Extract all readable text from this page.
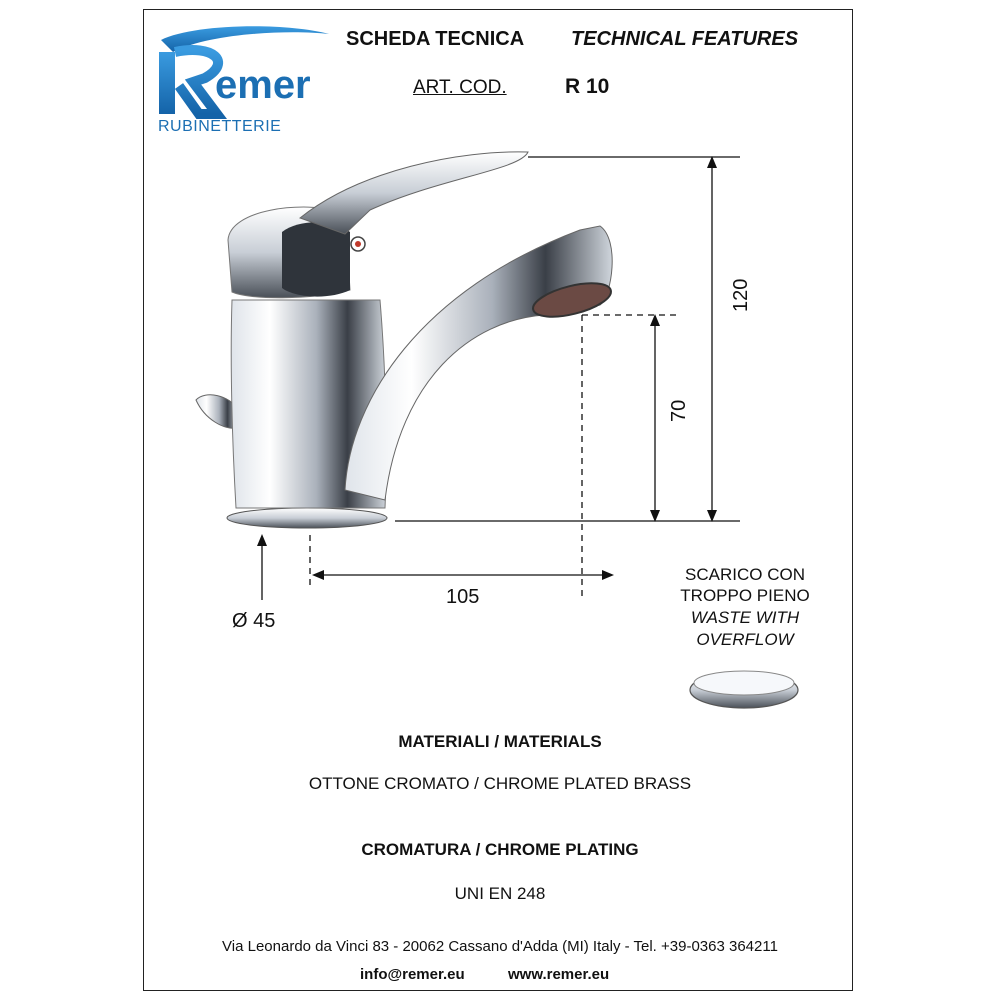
emer
RUBINETTERIE
SCHEDA TECNICA TECHNICAL FEATURES
ART. COD.	R 10
120
70
105
Ø 45
SCARICO CON
TROPPO PIENO
WASTE WITH
OVERFLOW
MATERIALI / MATERIALS
OTTONE CROMATO / CHROME PLATED BRASS
CROMATURA / CHROME PLATING
UNI EN 248
Via Leonardo da Vinci 83 - 20062 Cassano d'Adda (MI) Italy - Tel. +39-0363 364211
info@remer.eu	www.remer.eu
